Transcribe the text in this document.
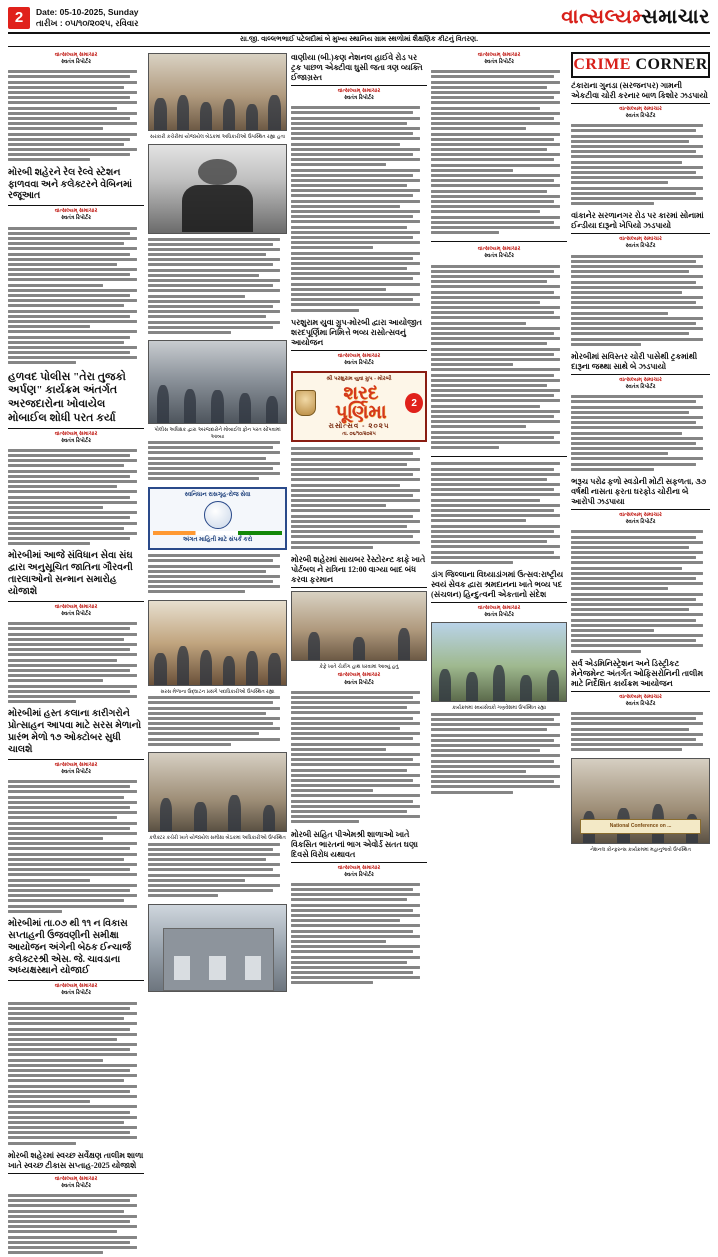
2	Date: 05-10-2025, Sunday
તારીખ : ૦૫/૧૦/૨૦૨૫, રવિવાર	વાત્સલ્યમ્સમાચાર
રાા.જી. વાલ્લભભાઈ પટેલદીમાં બે મુખ્ય સ્થાનિય ગ્રામ સ્થળોમાં શૈક્ષણિક કીટનું વિતરણ.
વાત્સલ્યમ્ સમાચાર
સ્વતંત્ર રિપોર્ટર
મોરબી શહેરને રેલ રેલ્વે સ્ટેશન ફાળવવા અને કલેક્ટરને વેબિનમાં રજૂઆત
વાત્સલ્યમ્ સમાચાર
સ્વતંત્ર રિપોર્ટર
હળવદ પોલીસ "તેરા તુજકો અર્પણ" કાર્યક્રમ અંતર્ગત અરજદારોના ખોવાયેલ મોબાઈલ શોધી પરત કર્યા
વાત્સલ્યમ્ સમાચાર
સ્વતંત્ર રિપોર્ટર
મોરબીમાં આજે સંવિધાન સેવા સંઘ દ્વારા અનુસૂચિત જાતિના ગૌરવની તારલાઓનો સન્માન સમારોહ યોજાશે
વાત્સલ્યમ્ સમાચાર
સ્વતંત્ર રિપોર્ટર
મોરબીમાં હસ્ત કલાના કારીગરોને પ્રોત્સાહન આપવા માટે સરસ મેળાનો પ્રારંભ મેળો ૧૭ ઓક્ટોબર સુધી ચાલશે
વાત્સલ્યમ્ સમાચાર
સ્વતંત્ર રિપોર્ટર
મોરબીમાં તા.૦૭ થી ૧૧ ન વિકાસ સપ્તાહની ઉજવણીની સમીક્ષા આયોજન અંગેની બેઠક ઈન્ચાર્જ કલેક્ટરશ્રી એસ. જે. ચાવડાના અધ્યક્ષસ્થાને યોજાઈ
વાત્સલ્યમ્ સમાચાર
સ્વતંત્ર રિપોર્ટર
મોરબી શહેરમાં સ્વચ્છ સર્વેક્ષણ તાલીમ શાળા ખાતે સ્વચ્છ ટીકાસ સપ્તાહ-2025 યોજાશે
વાત્સલ્યમ્ સમાચાર
સ્વતંત્ર રિપોર્ટર
સરકારી કચેરીમાં યોજાયેલ બેઠકમાં અધિકારીઓ ઉપસ્થિત રહ્યા હતા
પોલીસ અધિક્ષક દ્વારા અરજદારોને મોબાઈલ ફોન પરત સોંપવામાં આવ્યા
સ્વનિધાન રાસગૃહ-રોજ સેવા
અંગત માહિતી માટે સંપર્ક કરો
સરસ મેળાના ઉદ્ઘાટન પ્રસંગે પદાધિકારીઓ ઉપસ્થિત રહ્યા
કલેક્ટર કચેરી ખાતે યોજાયેલ સમીક્ષા બેઠકમાં અધિકારીઓ ઉપસ્થિત
વાણીયા (બી.)કણ નેશનલ હાઈવે રોડ પર ટ્રક પાછળ એક્ટીવા ઘુસી જતા ત્રણ વ્યક્તિ ઈજાગ્રસ્ત
વાત્સલ્યમ્ સમાચાર
સ્વતંત્ર રિપોર્ટર
પરશુરામ યુવા ગ્રુપ-મોરબી દ્વારા આયોજીત શરદપૂર્ણિમા નિમિત્તે ભવ્ય રાસોત્સવનું આયોજન
વાત્સલ્યમ્ સમાચાર
સ્વતંત્ર રિપોર્ટર
શ્રી પરશુરામ યુવા ગ્રુપ - મોરબી
શરદ પૂર્ણિમા	2
રાસોત્સવ - ૨૦૨૫
તા. ૦૬/૧૦/૨૦૨૫
મોરબી શહેરમાં સાયબર રેસ્ટોરન્ટ કાફે ખાતે પોર્ટબલ ને રાત્રિના 12:00 વાગ્યા બાદ બંધ કરવા ફરમાન
કેફે ખાતે ચેકીંગ હાથ ધરવામાં આવ્યું હતું
વાત્સલ્યમ્ સમાચાર
સ્વતંત્ર રિપોર્ટર
મોરબી સહિત પીએમશ્રી શાળાઓ ખાતે વિકસિત ભારતનાં ભાગ એવોર્ડ સતત ઘણા દિવસે વિરોધ યથાવત
વાત્સલ્યમ્ સમાચાર
સ્વતંત્ર રિપોર્ટર
વાત્સલ્યમ્ સમાચાર
સ્વતંત્ર રિપોર્ટર
વાત્સલ્યમ્ સમાચાર
સ્વતંત્ર રિપોર્ટર
ડાંગ જિલ્લાના વિઘ્યાડાંગમાં ઉત્સવ:રાષ્ટ્રીય સ્વયં સેવક દ્વારા શ્રમદાનના ખાતે ભવ્ય પદ (સંચલન) હિન્દુત્વની એકતાનો સંદેશ
વાત્સલ્યમ્ સમાચાર
સ્વતંત્ર રિપોર્ટર
કાર્યક્રમમાં સ્વયંસેવકો ગણવેશમાં ઉપસ્થિત રહ્યા
CRIME CORNER
ટંકારાના ગુનડા (સરજનપર) ગામની એકટીવા ચોરી કરનાર બાળ કિશોર ઝડપાયો
વાત્સલ્યમ્ સમાચાર
સ્વતંત્ર રિપોર્ટર
વાંકાનેર સરળાનગર રોડ પર કારમાં સોનામાં ઈન્ડીયા દારૂનો ખેપિયો ઝડપાયો
વાત્સલ્યમ્ સમાચાર
સ્વતંત્ર રિપોર્ટર
મોરબીમાં સવિસ્તર ચોરી પાસેથી ટ્રકમાંથી દારૂના જથ્થા સાથે બે ઝડપાયો
વાત્સલ્યમ્ સમાચાર
સ્વતંત્ર રિપોર્ટર
ભરૂચ પરોઢ ફળો સ્વડોની મોટી સફળતા, ૩૭ વર્ષથી નાસતા ફરતા ઘરફોડ ચોરીના બે આરોપી ઝડપાયા
વાત્સલ્યમ્ સમાચાર
સ્વતંત્ર રિપોર્ટર
સર્વ એડમિનિસ્ટ્રેશન અને ડિસ્ટ્રીકટ મેનેજમેન્ટ અંતર્ગત ઓફિસરોનિની તાલીમ માટે નિર્દેશિત કાર્યક્રમ આયોજન
વાત્સલ્યમ્ સમાચાર
સ્વતંત્ર રિપોર્ટર
National Conference on ...
નેશનલ કોન્ફરન્સ કાર્યક્રમમાં મહાનુભાવો ઉપસ્થિત
